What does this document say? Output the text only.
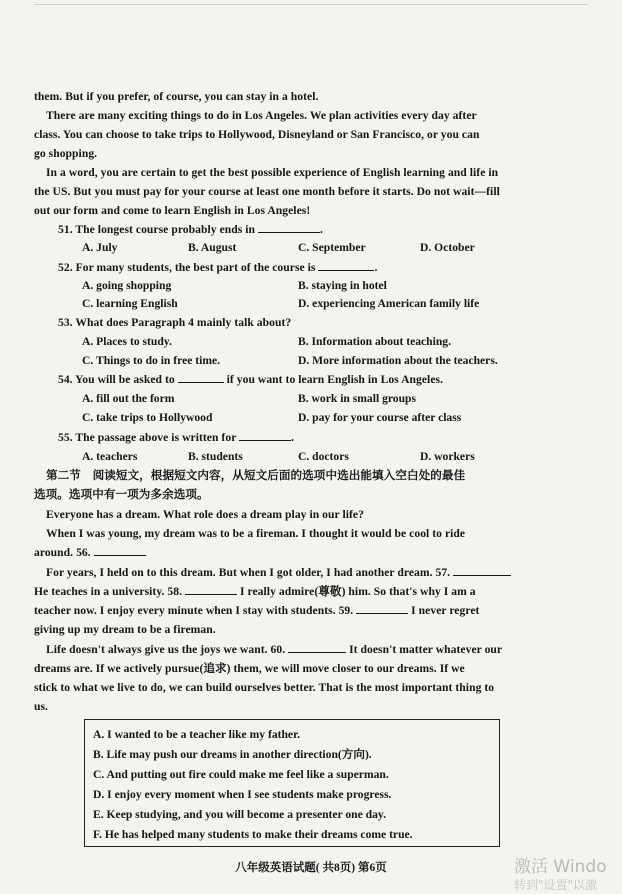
them. But if you prefer, of course, you can stay in a hotel.
There are many exciting things to do in Los Angeles. We plan activities every day after
class. You can choose to take trips to Hollywood, Disneyland or San Francisco, or you can
go shopping.
In a word, you are certain to get the best possible experience of English learning and life in
the US. But you must pay for your course at least one month before it starts. Do not wait—fill
out our form and come to learn English in Los Angeles!
51. The longest course probably ends in	.
A. July	B. August	C. September	D. October
52. For many students, the best part of the course is	.
A. going shopping	B. staying in hotel
C. learning English	D. experiencing American family life
53. What does Paragraph 4 mainly talk about?
A. Places to study.	B. Information about teaching.
C. Things to do in free time.	D. More information about the teachers.
54. You will be asked to	if you want to learn English in Los Angeles.
A. fill out the form	B. work in small groups
C. take trips to Hollywood	D. pay for your course after class
55. The passage above is written for	.
A. teachers	B. students	C. doctors	D. workers
第二节　阅读短文，根据短文内容，从短文后面的选项中选出能填入空白处的最佳
选项。选项中有一项为多余选项。
Everyone has a dream. What role does a dream play in our life?
When I was young, my dream was to be a fireman. I thought it would be cool to ride
around. 56.
For years, I held on to this dream. But when I got older, I had another dream. 57.
He teaches in a university. 58.	I really admire(尊敬) him. So that's why I am a
teacher now. I enjoy every minute when I stay with students. 59.	I never regret
giving up my dream to be a fireman.
Life doesn't always give us the joys we want. 60.	It doesn't matter whatever our
dreams are. If we actively pursue(追求) them, we will move closer to our dreams. If we
stick to what we live to do, we can build ourselves better. That is the most important thing to
us.
A. I wanted to be a teacher like my father.
B. Life may push our dreams in another direction(方向).
C. And putting out fire could make me feel like a superman.
D. I enjoy every moment when I see students make progress.
E. Keep studying, and you will become a presenter one day.
F. He has helped many students to make their dreams come true.
八年级英语试题( 共8页) 第6页	激活 Windo
转到"设置"以激
